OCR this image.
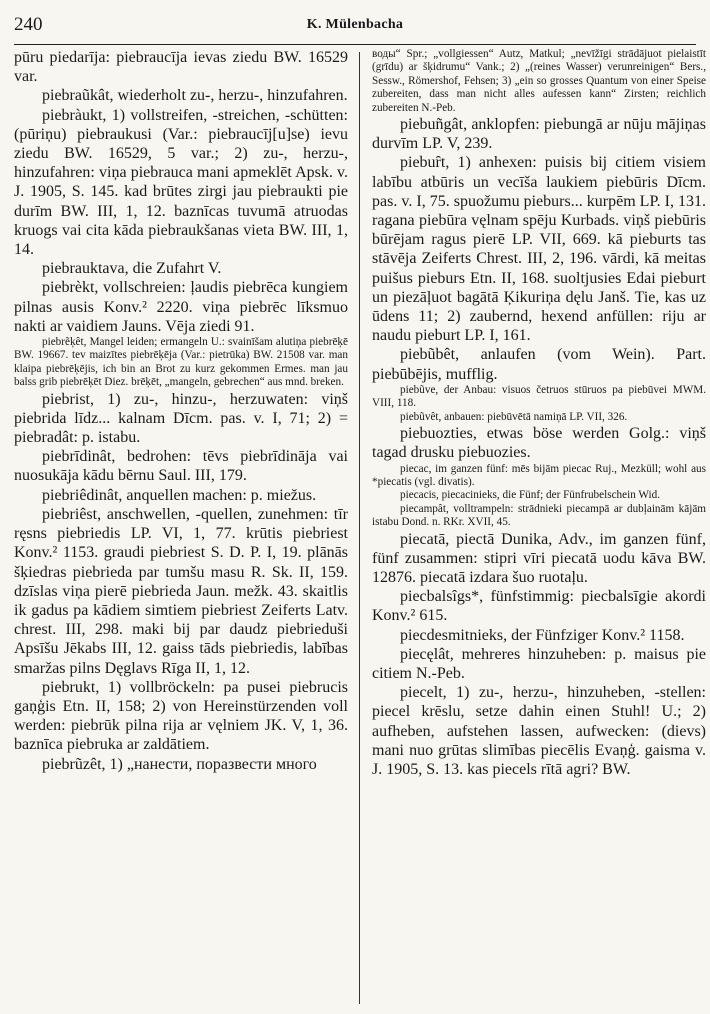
240	K. Mülenbacha

pūru piedarīja: piebraucīja ievas ziedu BW. 16529 var.

piebraũkât, wiederholt zu-, herzu-, hinzufahren.

piebràukt, 1) vollstreifen, -streichen, -schütten: (pūriņu) piebraukusi (Var.: piebraucīj[u]se) ievu ziedu BW. 16529, 5 var.; 2) zu-, herzu-, hinzufahren: viņa piebrauca mani apmeklēt Apsk. v. J. 1905, S. 145. kad brūtes zirgi jau piebraukti pie durīm BW. III, 1, 12. baznīcas tuvumā atruodas kruogs vai cita kāda piebraukšanas vieta BW. III, 1, 14.

piebrauktava, die Zufahrt V.

piebrèkt, vollschreien: ļaudis piebrēca kungiem pilnas ausis Konv.² 2220. viņa piebrēc līksmuo nakti ar vaidiem Jauns. Vēja ziedi 91.

piebrẽķêt, Mangel leiden; ermangeln U.: svainīšam alutiņa piebrēķē BW. 19667. tev maizītes piebrēķēja (Var.: pietrūka) BW. 21508 var. man klaipa piebrēķējis, ich bin an Brot zu kurz gekommen Ermes. man jau balss grib piebrēķēt Diez. brēķēt, „mangeln, gebrechen“ aus mnd. breken.

piebrist, 1) zu-, hinzu-, herzuwaten: viņš piebrida līdz... kalnam Dīcm. pas. v. I, 71; 2) = piebradât: p. istabu.

piebrīdinât, bedrohen: tēvs piebrīdināja vai nuosukāja kādu bērnu Saul. III, 179.

piebriêdinât, anquellen machen: p. miežus.

piebriêst, anschwellen, -quellen, zunehmen: tīr ręsns piebriedis LP. VI, 1, 77. krūtis piebriest Konv.² 1153. graudi piebriest S. D. P. I, 19. plānās šķiedras piebrieda par tumšu masu R. Sk. II, 159. dzīslas viņa pierē piebrieda Jaun. mežk. 43. skaitlis ik gadus pa kādiem simtiem piebriest Zeiferts Latv. chrest. III, 298. maki bij par daudz piebrieduši Apsīšu Jēkabs III, 12. gaiss tāds piebriedis, labības smaržas pilns Dęglavs Rīga II, 1, 12.

piebrukt, 1) vollbröckeln: pa pusei piebrucis gaņģis Etn. II, 158; 2) von Hereinstürzenden voll werden: piebrūk pilna rija ar vęlniem JK. V, 1, 36. baznīca piebruka ar zaldātiem.

piebrũzêt, 1) „нанести, поразвести много

воды“ Spr.; „vollgiessen“ Autz, Matkul; „nevīžīgi strādājuot pielaistīt (grīdu) ar šķidrumu“ Vank.; 2) „(reines Wasser) verunreinigen“ Bers., Sessw., Römershof, Fehsen; 3) „ein so grosses Quantum von einer Speise zubereiten, dass man nicht alles aufessen kann“ Zirsten; reichlich zubereiten N.-Peb.

piebuñgât, anklopfen: piebungā ar nūju mājiņas durvīm LP. V, 239.

piebuȓt, 1) anhexen: puisis bij citiem visiem labību atbūris un vecīša laukiem piebūris Dīcm. pas. v. I, 75. spuožumu pieburs... kurpēm LP. I, 131. ragana piebūra vęlnam spēju Kurbads. viņš piebūris būrējam ragus pierē LP. VII, 669. kā pieburts tas stāvēja Zeiferts Chrest. III, 2, 196. vārdi, kā meitas puišus pieburs Etn. II, 168. suoltjusies Edai pieburt un piezāļuot bagātā Ķikuriņa dęlu Janš. Tie, kas uz ūdens 11; 2) zaubernd, hexend anfüllen: riju ar naudu pieburt LP. I, 161.

piebũbêt, anlaufen (vom Wein). Part. piebūbējis, mufflig.

piebũve, der Anbau: visuos četruos stūruos pa piebūvei MWM. VIII, 118.

piebũvêt, anbauen: piebūvētā namiņā LP. VII, 326.

piebuozties, etwas böse werden Golg.: viņš tagad drusku piebuozies.

piecac, im ganzen fünf: mēs bijām piecac Ruj., Mezküll; wohl aus *piecatis (vgl. divatis).

piecacis, piecacinieks, die Fünf; der Fünfrubelschein Wid.

piecampât, volltrampeln: strādnieki piecampā ar dubļainām kājām istabu Dond. n. RKr. XVII, 45.

piecatā, piectā Dunika, Adv., im ganzen fünf, fünf zusammen: stipri vīri piecatā uodu kāva BW. 12876. piecatā izdara šuo ruotaļu.

piecbalsîgs*, fünfstimmig: piecbalsīgie akordi Konv.² 615.

piecdesmitnieks, der Fünfziger Konv.² 1158.

piecęlât, mehreres hinzuheben: p. maisus pie citiem N.-Peb.

piecelt, 1) zu-, herzu-, hinzuheben, -stellen: piecel krēslu, setze dahin einen Stuhl! U.; 2) aufheben, aufstehen lassen, aufwecken: (dievs) mani nuo grūtas slimības piecēlis Evaņģ. gaisma v. J. 1905, S. 13. kas piecels rītā agri? BW.
